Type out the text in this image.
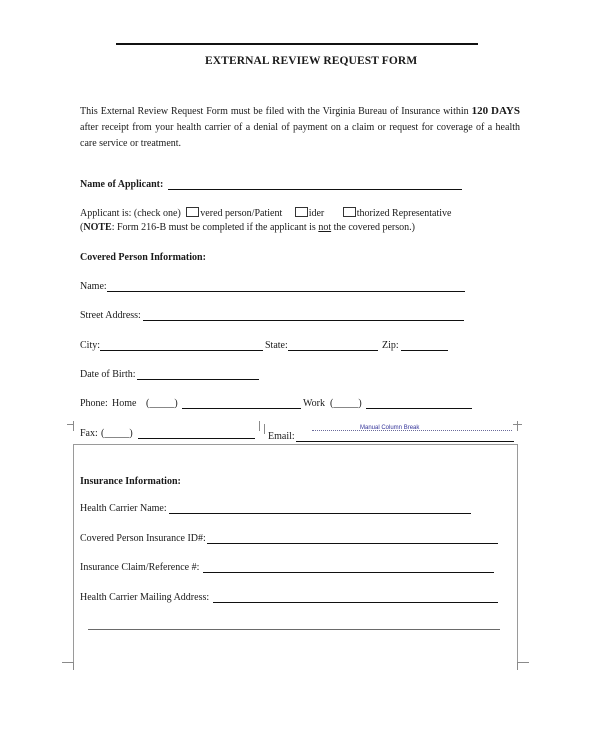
EXTERNAL REVIEW REQUEST FORM
This External Review Request Form must be filed with the Virginia Bureau of Insurance within 120 DAYS after receipt from your health carrier of a denial of payment on a claim or request for coverage of a health care service or treatment.
Name of Applicant:
Applicant is: (check one) vered person/Patient	ider	thorized Representative
(NOTE: Form 216-B must be completed if the applicant is not the covered person.)
Covered Person Information:
Name:
Street Address:
City:	State:	Zip:
Date of Birth:
Phone: Home (_____)	Work (_____)
Fax: (_____)	Email:
Manual Column Break
Insurance Information:
Health Carrier Name:
Covered Person Insurance ID#:
Insurance Claim/Reference #:
Health Carrier Mailing Address:
